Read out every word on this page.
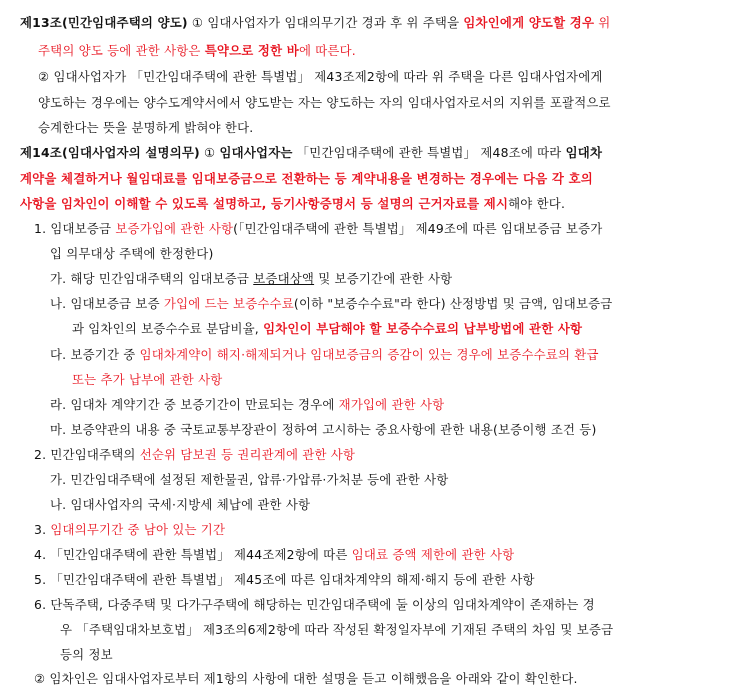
제13조(민간임대주택의 양도) ① 임대사업자가 임대의무기간 경과 후 위 주택을 임차인에게 양도할 경우 위
주택의 양도 등에 관한 사항은 특약으로 정한 바에 따른다.
② 임대사업자가 「민간임대주택에 관한 특별법」 제43조제2항에 따라 위 주택을 다른 임대사업자에게
양도하는 경우에는 양수도계약서에서 양도받는 자는 양도하는 자의 임대사업자로서의 지위를 포괄적으로
승계한다는 뜻을 분명하게 밝혀야 한다.
제14조(임대사업자의 설명의무) ① 임대사업자는 「민간임대주택에 관한 특별법」 제48조에 따라 임대차
계약을 체결하거나 월임대료를 임대보증금으로 전환하는 등 계약내용을 변경하는 경우에는 다음 각 호의
사항을 임차인이 이해할 수 있도록 설명하고, 등기사항증명서 등 설명의 근거자료를 제시해야 한다.
1. 임대보증금 보증가입에 관한 사항(「민간임대주택에 관한 특별법」 제49조에 따른 임대보증금 보증가
입 의무대상 주택에 한정한다)
가. 해당 민간임대주택의 임대보증금 보증대상액 및 보증기간에 관한 사항
나. 임대보증금 보증 가입에 드는 보증수수료(이하 "보증수수료"라 한다) 산정방법 및 금액, 임대보증금
과 임차인의 보증수수료 분담비율, 임차인이 부담해야 할 보증수수료의 납부방법에 관한 사항
다. 보증기간 중 임대차계약이 해지·해제되거나 임대보증금의 증감이 있는 경우에 보증수수료의 환급
또는 추가 납부에 관한 사항
라. 임대차 계약기간 중 보증기간이 만료되는 경우에 재가입에 관한 사항
마. 보증약관의 내용 중 국토교통부장관이 정하여 고시하는 중요사항에 관한 내용(보증이행 조건 등)
2. 민간임대주택의 선순위 담보권 등 권리관계에 관한 사항
가. 민간임대주택에 설정된 제한물권, 압류·가압류·가처분 등에 관한 사항
나. 임대사업자의 국세·지방세 체납에 관한 사항
3. 임대의무기간 중 남아 있는 기간
4. 「민간임대주택에 관한 특별법」 제44조제2항에 따른 임대료 증액 제한에 관한 사항
5. 「민간임대주택에 관한 특별법」 제45조에 따른 임대차계약의 해제·해지 등에 관한 사항
6. 단독주택, 다중주택 및 다가구주택에 해당하는 민간임대주택에 둘 이상의 임대차계약이 존재하는 경
우 「주택임대차보호법」 제3조의6제2항에 따라 작성된 확정일자부에 기재된 주택의 차임 및 보증금
등의 정보
② 임차인은 임대사업자로부터 제1항의 사항에 대한 설명을 듣고 이해했음을 아래와 같이 확인한다.
